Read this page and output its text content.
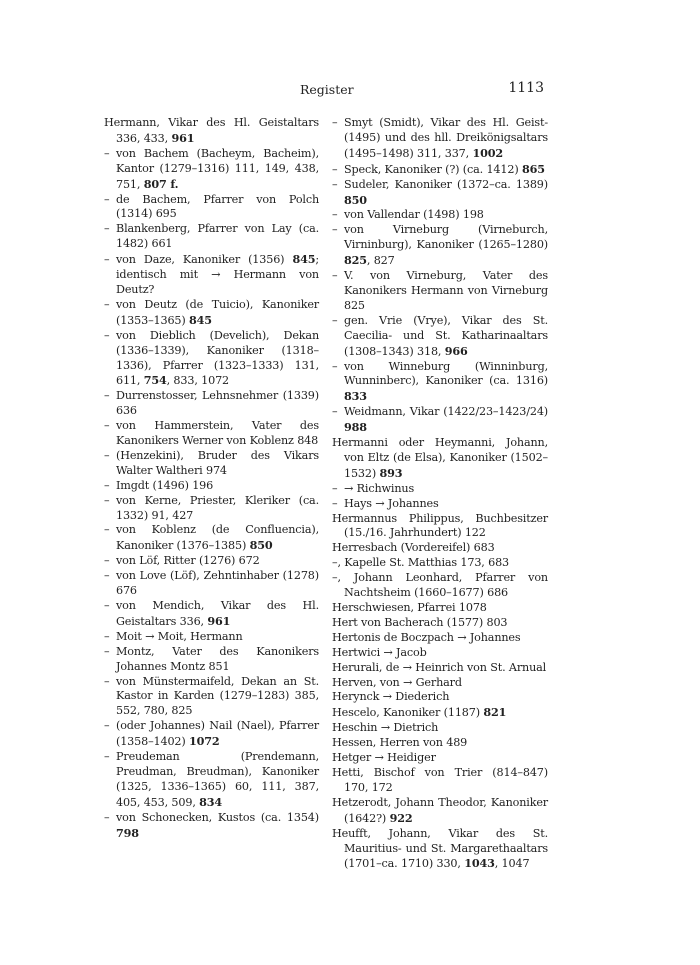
Register	1113

Hermann, Vikar des Hl. Geistaltars 336, 433, 961

– von Bachem (Bacheym, Bacheim), Kantor (1279–1316) 111, 149, 438, 751, 807 f.

– de Bachem, Pfarrer von Polch (1314) 695

– Blankenberg, Pfarrer von Lay (ca. 1482) 661

– von Daze, Kanoniker (1356) 845; identisch mit → Hermann von Deutz?

– von Deutz (de Tuicio), Kanoniker (1353–1365) 845

– von Dieblich (Develich), Dekan (1336–1339), Kanoniker (1318–1336), Pfarrer (1323–1333) 131, 611, 754, 833, 1072

– Durrenstosser, Lehnsnehmer (1339) 636

– von Hammerstein, Vater des Kanonikers Werner von Koblenz 848

– (Henzekini), Bruder des Vikars Walter Waltheri 974

– Imgdt (1496) 196

– von Kerne, Priester, Kleriker (ca. 1332) 91, 427

– von Koblenz (de Confluencia), Kanoniker (1376–1385) 850

– von Löf, Ritter (1276) 672

– von Love (Löf), Zehntinhaber (1278) 676

– von Mendich, Vikar des Hl. Geistaltars 336, 961

– Moit → Moit, Hermann

– Montz, Vater des Kanonikers Johannes Montz 851

– von Münstermaifeld, Dekan an St. Kastor in Karden (1279–1283) 385, 552, 780, 825

– (oder Johannes) Nail (Nael), Pfarrer (1358–1402) 1072

– Preudeman (Prendemann, Preudman, Breudman), Kanoniker (1325, 1336–1365) 60, 111, 387, 405, 453, 509, 834

– von Schonecken, Kustos (ca. 1354) 798

– Smyt (Smidt), Vikar des Hl. Geist- (1495) und des hll. Dreikönigsaltars (1495–1498) 311, 337, 1002

– Speck, Kanoniker (?) (ca. 1412) 865

– Sudeler, Kanoniker (1372–ca. 1389) 850

– von Vallendar (1498) 198

– von Virneburg (Virneburch, Virninburg), Kanoniker (1265–1280) 825, 827

– V. von Virneburg, Vater des Kanonikers Hermann von Virneburg 825

– gen. Vrie (Vrye), Vikar des St. Caecilia- und St. Katharinaaltars (1308–1343) 318, 966

– von Winneburg (Winninburg, Wunninberc), Kanoniker (ca. 1316) 833

– Weidmann, Vikar (1422/23–1423/24) 988

Hermanni oder Heymanni, Johann, von Eltz (de Elsa), Kanoniker (1502–1532) 893

– → Richwinus

– Hays → Johannes

Hermannus Philippus, Buchbesitzer (15./16. Jahrhundert) 122

Herresbach (Vordereifel) 683

–, Kapelle St. Matthias 173, 683

–, Johann Leonhard, Pfarrer von Nachtsheim (1660–1677) 686

Herschwiesen, Pfarrei 1078

Hert von Bacherach (1577) 803

Hertonis de Boczpach → Johannes

Hertwici → Jacob

Herurali, de → Heinrich von St. Arnual

Herven, von → Gerhard

Herynck → Diederich

Hescelo, Kanoniker (1187) 821

Heschin → Dietrich

Hessen, Herren von 489

Hetger → Heidiger

Hetti, Bischof von Trier (814–847) 170, 172

Hetzerodt, Johann Theodor, Kanoniker (1642?) 922

Heufft, Johann, Vikar des St. Mauritius- und St. Margarethaaltars (1701–ca. 1710) 330, 1043, 1047
